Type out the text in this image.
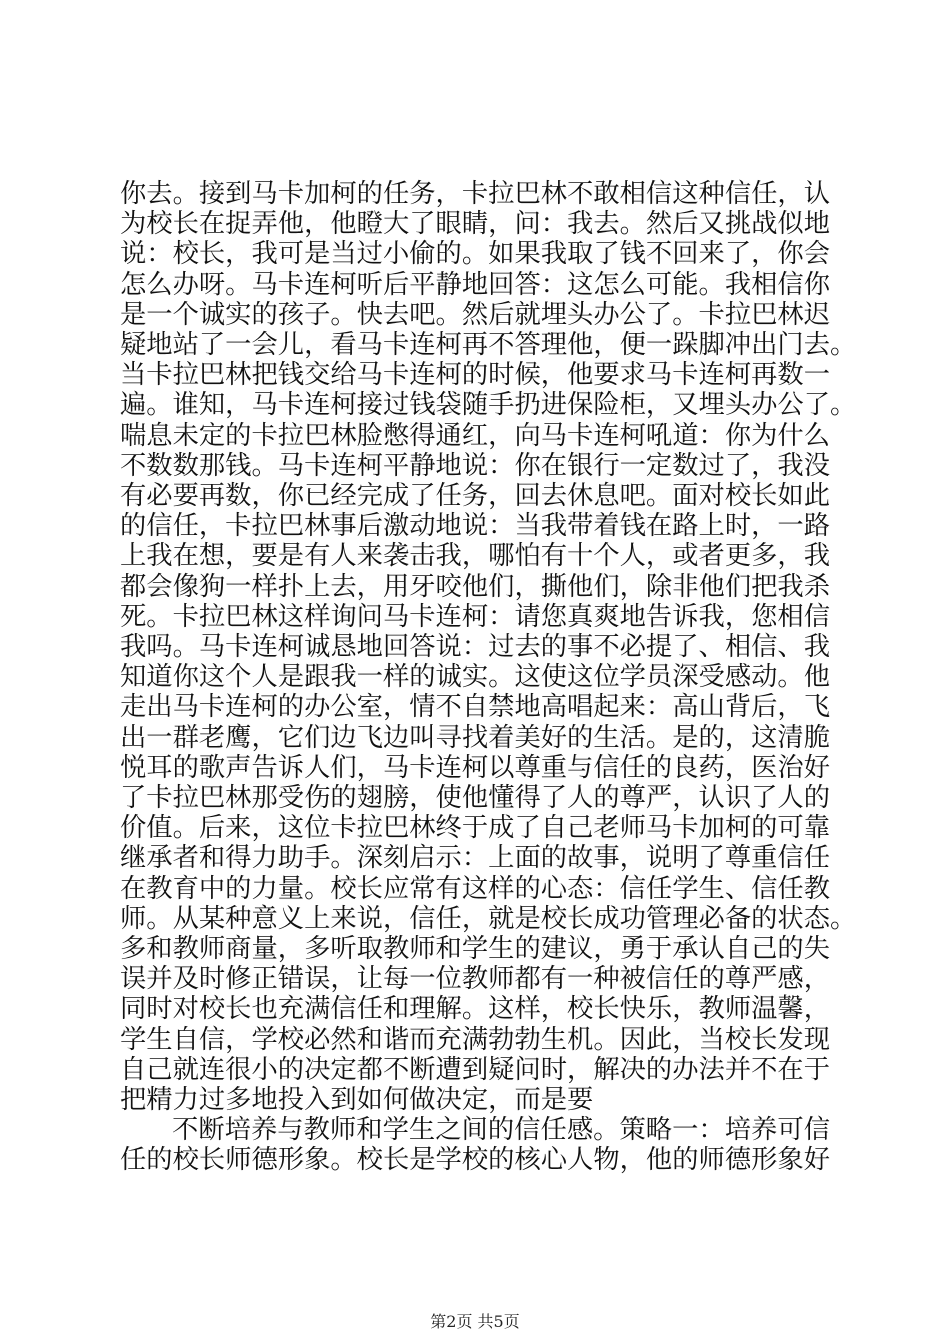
你去。接到马卡加柯的任务，卡拉巴林不敢相信这种信任，认
为校长在捉弄他，他瞪大了眼睛，问：我去。然后又挑战似地
说：校长，我可是当过小偷的。如果我取了钱不回来了，你会
怎么办呀。马卡连柯听后平静地回答：这怎么可能。我相信你
是一个诚实的孩子。快去吧。然后就埋头办公了。卡拉巴林迟
疑地站了一会儿，看马卡连柯再不答理他，便一跺脚冲出门去。
当卡拉巴林把钱交给马卡连柯的时候，他要求马卡连柯再数一
遍。谁知，马卡连柯接过钱袋随手扔进保险柜，又埋头办公了。
喘息未定的卡拉巴林脸憋得通红，向马卡连柯吼道：你为什么
不数数那钱。马卡连柯平静地说：你在银行一定数过了，我没
有必要再数，你已经完成了任务，回去休息吧。面对校长如此
的信任，卡拉巴林事后激动地说：当我带着钱在路上时，一路
上我在想，要是有人来袭击我，哪怕有十个人，或者更多，我
都会像狗一样扑上去，用牙咬他们，撕他们，除非他们把我杀
死。卡拉巴林这样询问马卡连柯：请您真爽地告诉我，您相信
我吗。马卡连柯诚恳地回答说：过去的事不必提了、相信、我
知道你这个人是跟我一样的诚实。这使这位学员深受感动。他
走出马卡连柯的办公室，情不自禁地高唱起来：高山背后，飞
出一群老鹰，它们边飞边叫寻找着美好的生活。是的，这清脆
悦耳的歌声告诉人们，马卡连柯以尊重与信任的良药，医治好
了卡拉巴林那受伤的翅膀，使他懂得了人的尊严，认识了人的
价值。后来，这位卡拉巴林终于成了自己老师马卡加柯的可靠
继承者和得力助手。深刻启示：上面的故事，说明了尊重信任
在教育中的力量。校长应常有这样的心态：信任学生、信任教
师。从某种意义上来说，信任，就是校长成功管理必备的状态。
多和教师商量，多听取教师和学生的建议，勇于承认自己的失
误并及时修正错误，让每一位教师都有一种被信任的尊严感，
同时对校长也充满信任和理解。这样，校长快乐，教师温馨，
学生自信，学校必然和谐而充满勃勃生机。因此，当校长发现
自己就连很小的决定都不断遭到疑问时，解决的办法并不在于
把精力过多地投入到如何做决定，而是要
不断培养与教师和学生之间的信任感。策略一：培养可信
任的校长师德形象。校长是学校的核心人物，他的师德形象好
第2页 共5页
